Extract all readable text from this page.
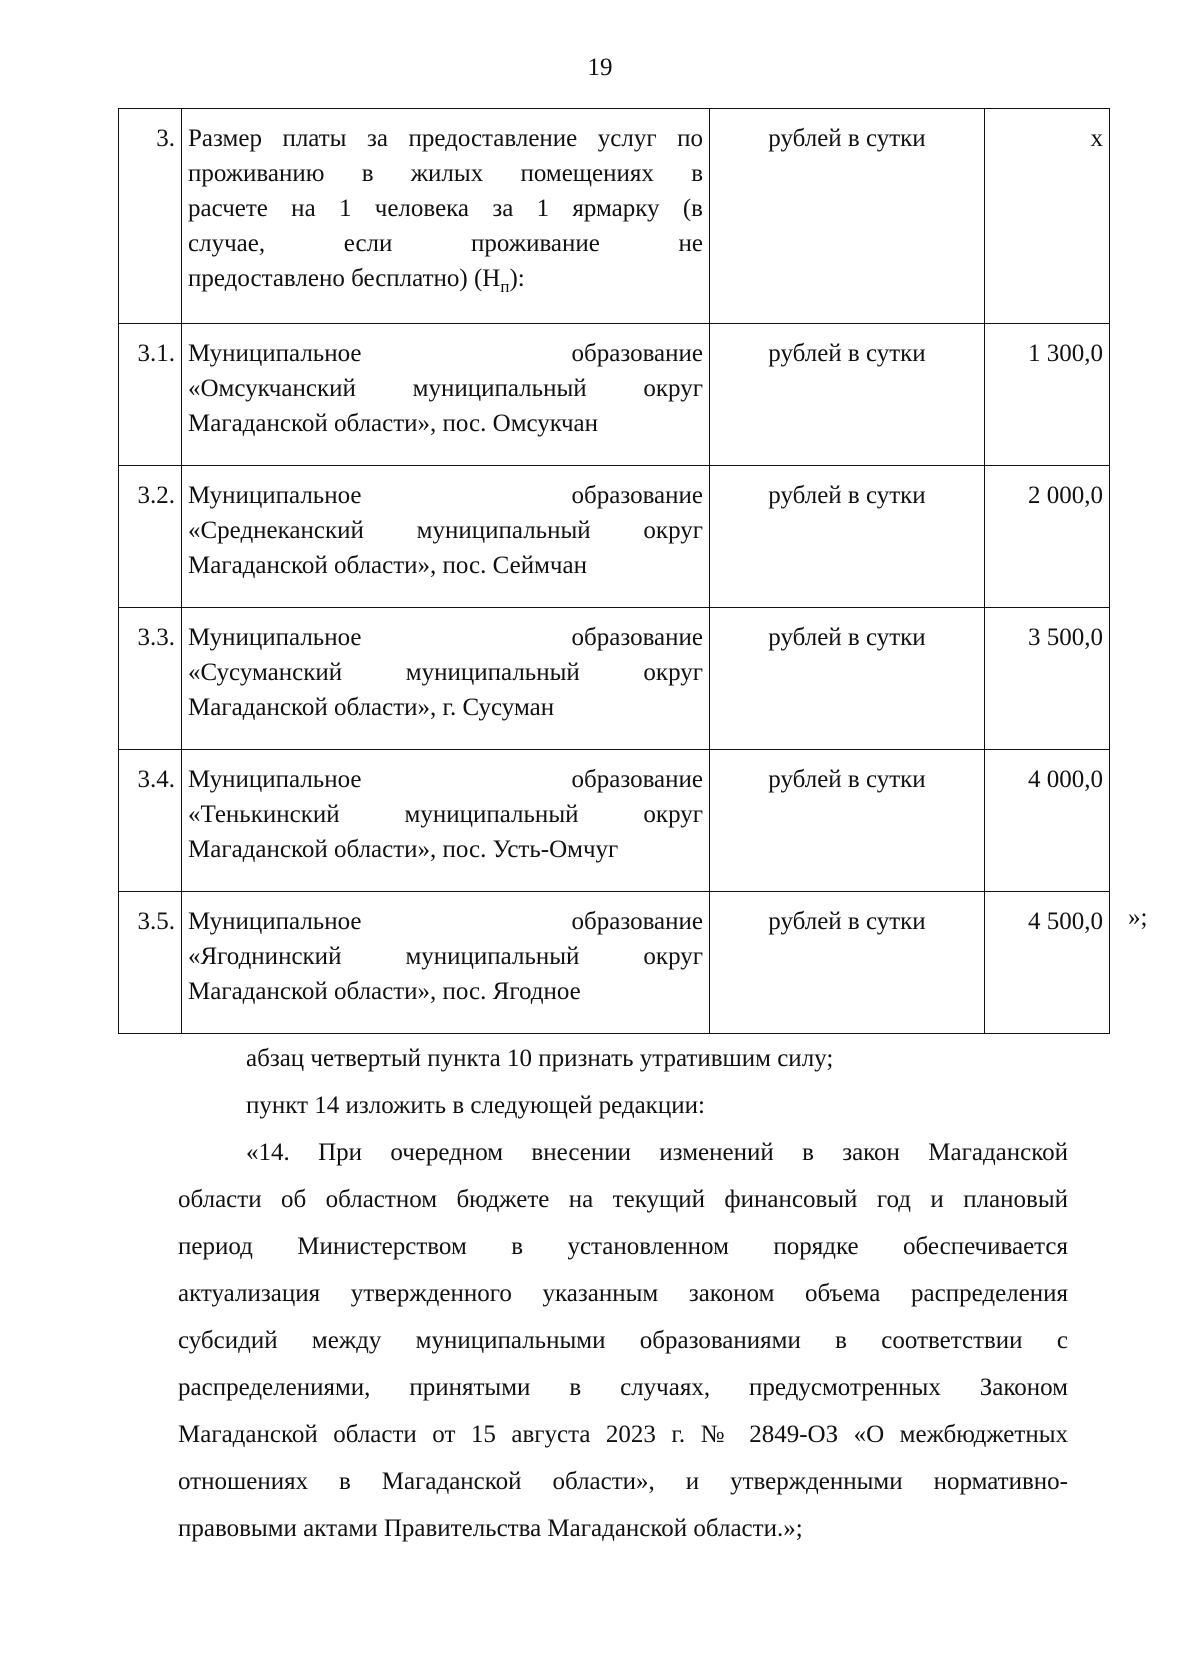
19
3.	Размер платы за предоставление услуг по
проживанию в жилых помещениях в
расчете на 1 человека за 1 ярмарку (в
случае, если проживание не
предоставлено бесплатно) $(Н_п)$:	рублей в сутки	х
3.1.	Муниципальное образование
«Омсукчанский муниципальный округ
Магаданской области», пос. Омсукчан	рублей в сутки	1 300,0
3.2.	Муниципальное образование
«Среднеканский муниципальный округ
Магаданской области», пос. Сеймчан	рублей в сутки	2 000,0
3.3.	Муниципальное образование
«Сусуманский муниципальный округ
Магаданской области», г. Сусуман	рублей в сутки	3 500,0
3.4.	Муниципальное образование
«Тенькинский муниципальный округ
Магаданской области», пос. Усть-Омчуг	рублей в сутки	4 000,0
3.5.	Муниципальное образование
«Ягоднинский муниципальный округ
Магаданской области», пос. Ягодное	рублей в сутки	4 500,0 »;

абзац четвертый пункта 10 признать утратившим силу;

пункт 14 изложить в следующей редакции:

«14. При очередном внесении изменений в закон Магаданской
области об областном бюджете на текущий финансовый год и плановый
период Министерством в установленном порядке обеспечивается
актуализация утвержденного указанным законом объема распределения
субсидий между муниципальными образованиями в соответствии с
распределениями, принятыми в случаях, предусмотренных Законом
Магаданской области от 15 августа 2023 г. № 2849-ОЗ «О межбюджетных
отношениях в Магаданской области», и утвержденными нормативно-
правовыми актами Правительства Магаданской области.»;
